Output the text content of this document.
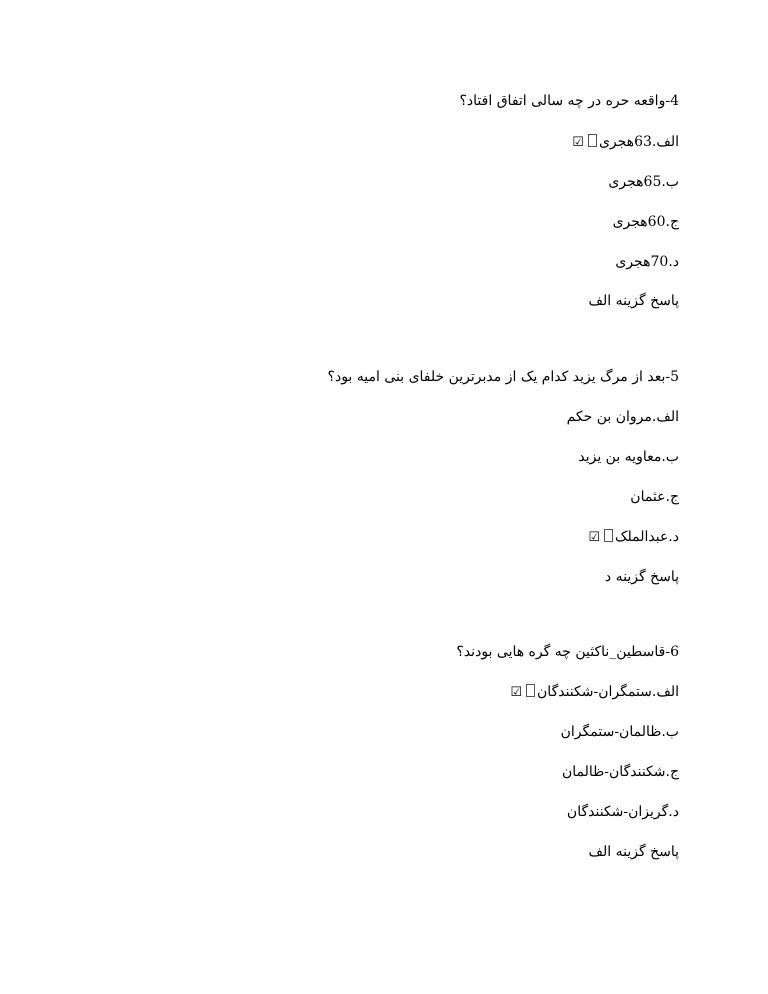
4-واقعه حره در چه سالی اتفاق افتاد؟
الف.63هجری☑
ب.65هجری
ج.60هجری
د.70هجری
پاسخ گزینه الف
5-بعد از مرگ یزید کدام یک از مدبرترین خلفای بنی امیه بود؟
الف.مروان بن حکم
ب.معاویه بن یزید
ج.عثمان
د.عبدالملک☑
پاسخ گزینه د
6-قاسطین_ناکثین چه گره هایی بودند؟
الف.ستمگران-شکنندگان☑
ب.ظالمان-ستمگران
ج.شکنندگان-ظالمان
د.گریزان-شکنندگان
پاسخ گزینه الف
